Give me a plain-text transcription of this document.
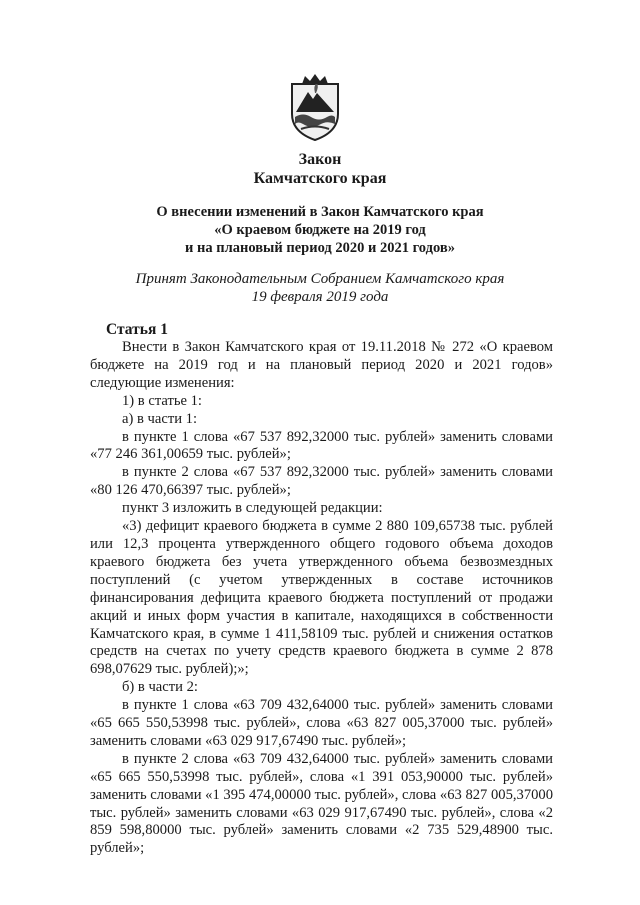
Закон
Камчатского края
О внесении изменений в Закон Камчатского края
«О краевом бюджете на 2019 год
и на плановый период 2020 и 2021 годов»
Принят Законодательным Собранием Камчатского края
19 февраля 2019 года
Статья 1

Внести в Закон Камчатского края от 19.11.2018 № 272 «О краевом бюджете на 2019 год и на плановый период 2020 и 2021 годов» следующие изменения:

1) в статье 1:

а) в части 1:

в пункте 1 слова «67 537 892,32000 тыс. рублей» заменить словами «77 246 361,00659 тыс. рублей»;

в пункте 2 слова «67 537 892,32000 тыс. рублей» заменить словами «80 126 470,66397 тыс. рублей»;

пункт 3 изложить в следующей редакции:

«3) дефицит краевого бюджета в сумме 2 880 109,65738 тыс. рублей или 12,3 процента утвержденного общего годового объема доходов краевого бюджета без учета утвержденного объема безвозмездных поступлений (с учетом утвержденных в составе источников финансирования дефицита краевого бюджета поступлений от продажи акций и иных форм участия в капитале, находящихся в собственности Камчатского края, в сумме 1 411,58109 тыс. рублей и снижения остатков средств на счетах по учету средств краевого бюджета в сумме 2 878 698,07629 тыс. рублей);»;

б) в части 2:

в пункте 1 слова «63 709 432,64000 тыс. рублей» заменить словами «65 665 550,53998 тыс. рублей», слова «63 827 005,37000 тыс. рублей» заменить словами «63 029 917,67490 тыс. рублей»;

в пункте 2 слова «63 709 432,64000 тыс. рублей» заменить словами «65 665 550,53998 тыс. рублей», слова «1 391 053,90000 тыс. рублей» заменить словами «1 395 474,00000 тыс. рублей», слова «63 827 005,37000 тыс. рублей» заменить словами «63 029 917,67490 тыс. рублей», слова «2 859 598,80000 тыс. рублей» заменить словами «2 735 529,48900 тыс. рублей»;
